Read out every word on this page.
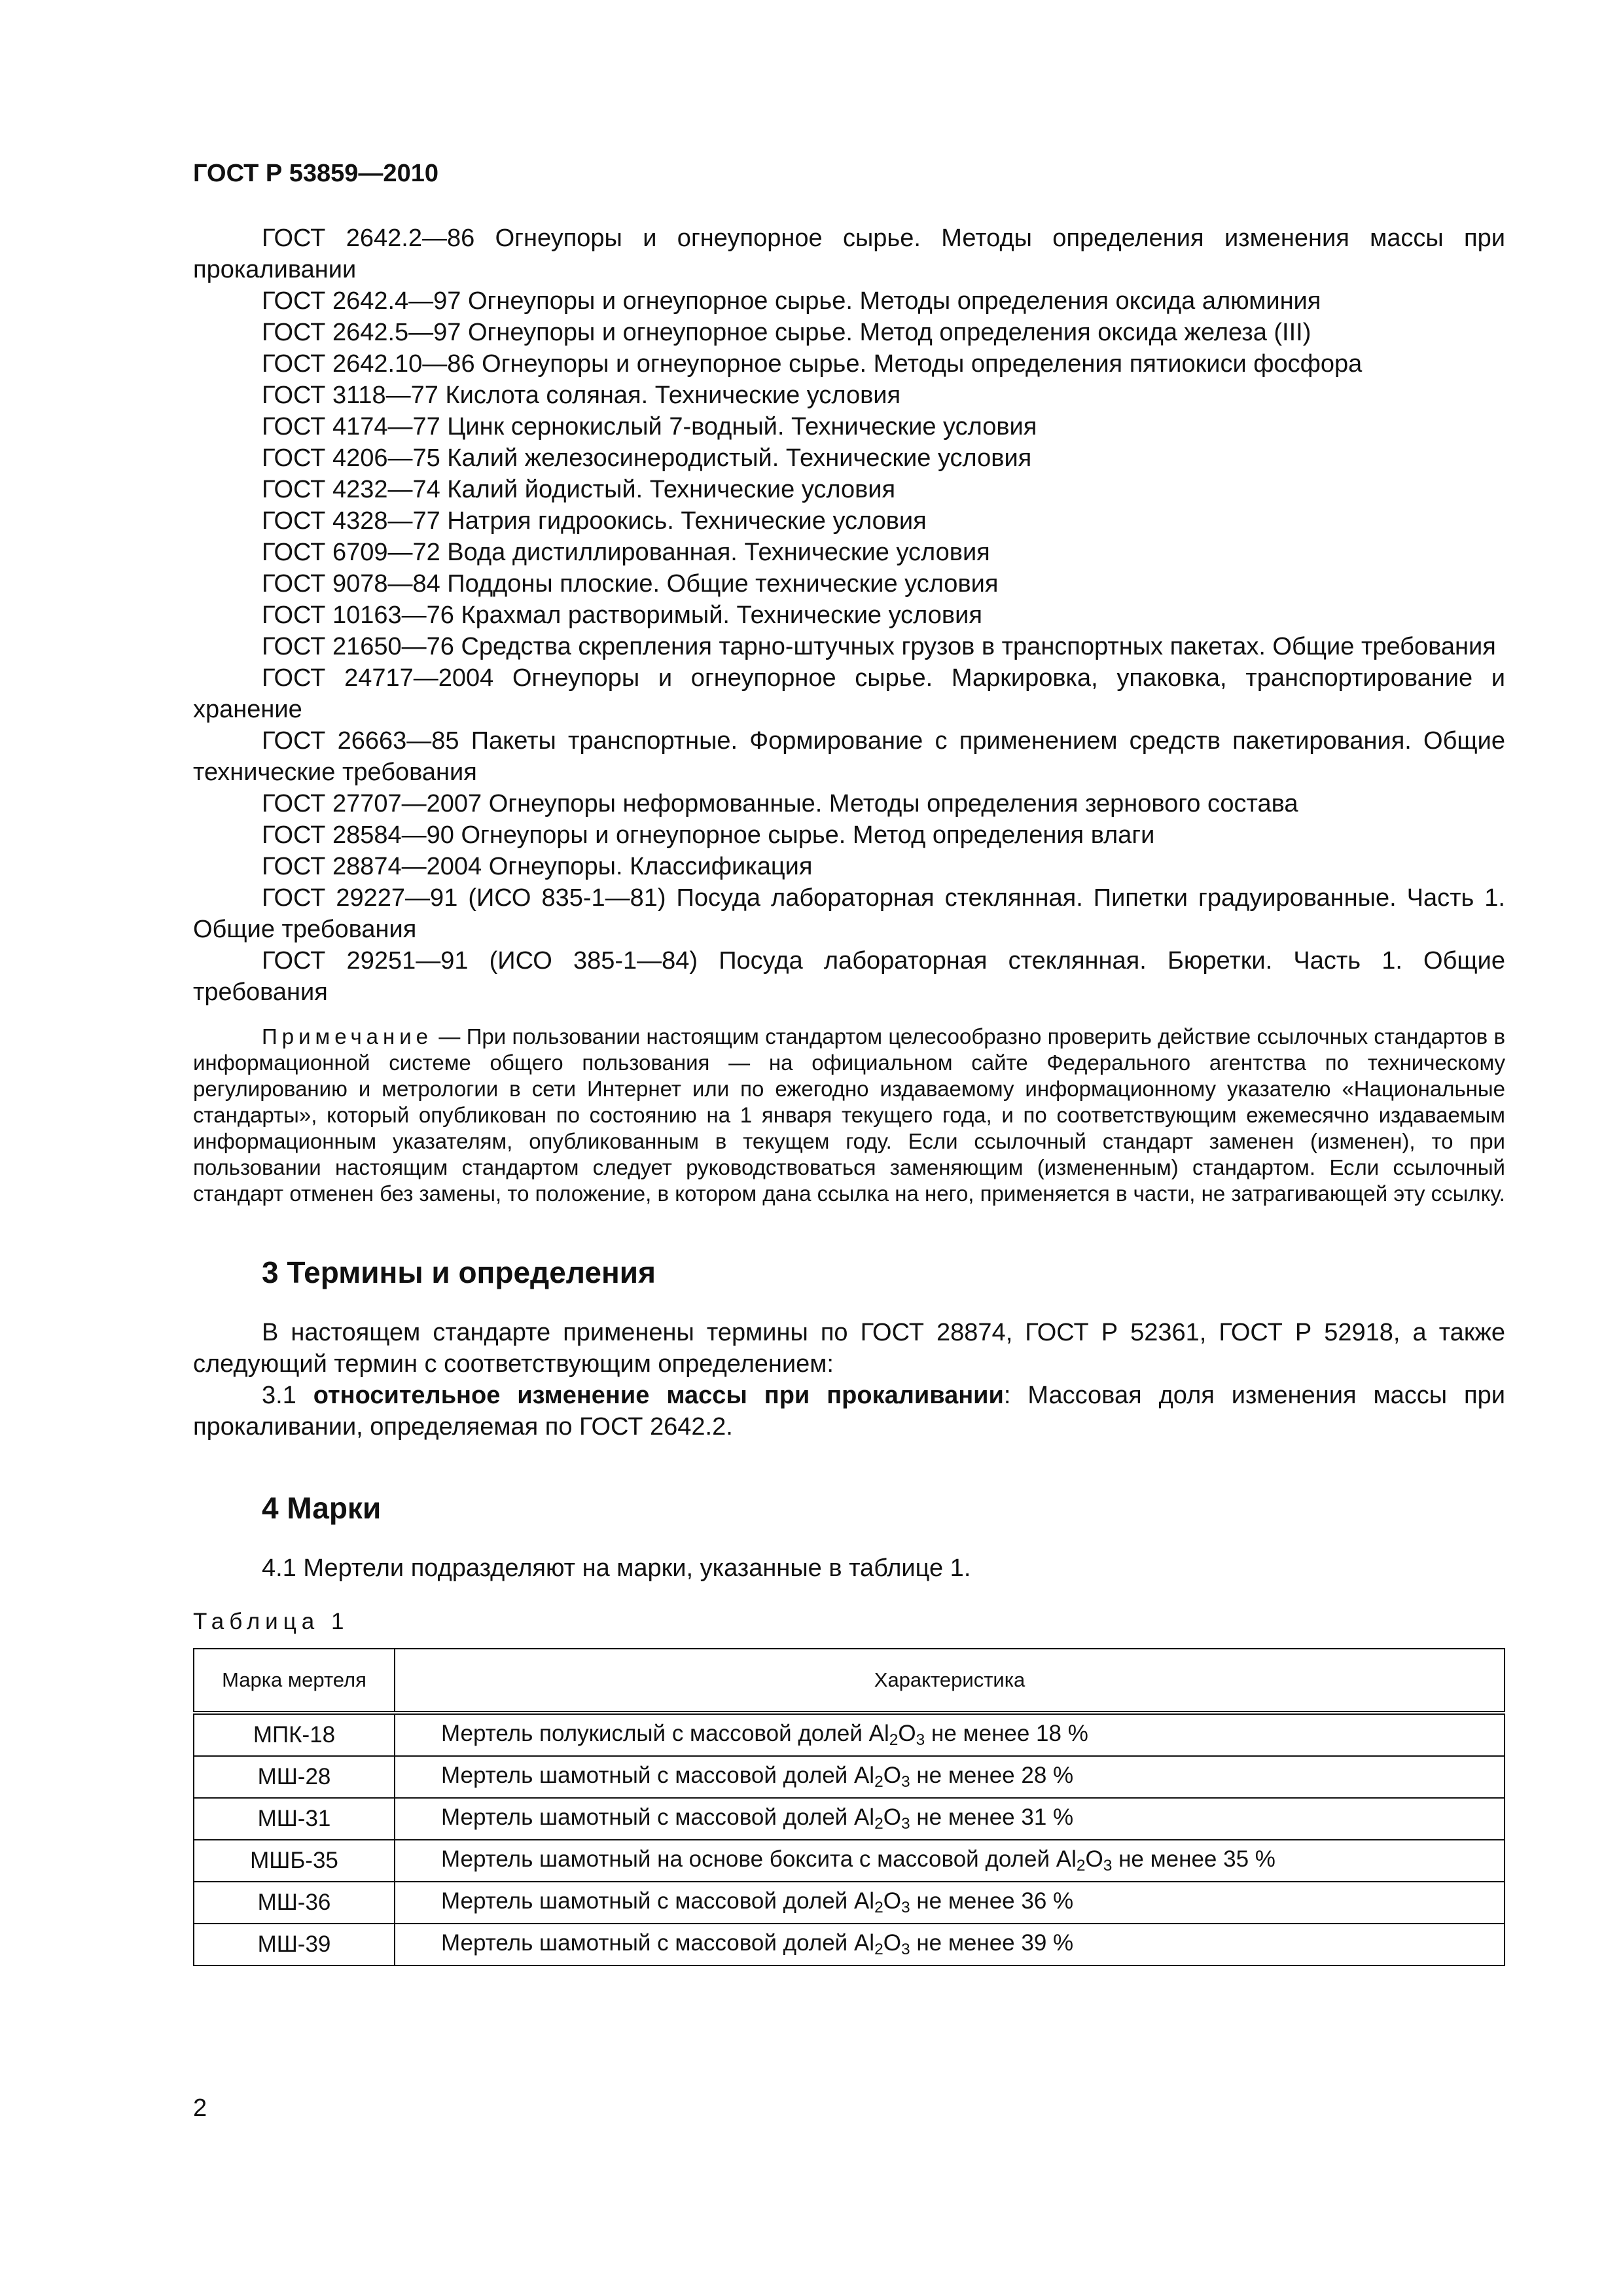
ГОСТ Р 53859—2010

ГОСТ 2642.2—86 Огнеупоры и огнеупорное сырье. Методы определения изменения массы при прокаливании

ГОСТ 2642.4—97 Огнеупоры и огнеупорное сырье. Методы определения оксида алюминия

ГОСТ 2642.5—97 Огнеупоры и огнеупорное сырье. Метод определения оксида железа (III)

ГОСТ 2642.10—86 Огнеупоры и огнеупорное сырье. Методы определения пятиокиси фосфора

ГОСТ 3118—77 Кислота соляная. Технические условия

ГОСТ 4174—77 Цинк сернокислый 7-водный. Технические условия

ГОСТ 4206—75 Калий железосинеродистый. Технические условия

ГОСТ 4232—74 Калий йодистый. Технические условия

ГОСТ 4328—77 Натрия гидроокись. Технические условия

ГОСТ 6709—72 Вода дистиллированная. Технические условия

ГОСТ 9078—84 Поддоны плоские. Общие технические условия

ГОСТ 10163—76 Крахмал растворимый. Технические условия

ГОСТ 21650—76 Средства скрепления тарно-штучных грузов в транспортных пакетах. Общие требования

ГОСТ 24717—2004 Огнеупоры и огнеупорное сырье. Маркировка, упаковка, транспортирование и хранение

ГОСТ 26663—85 Пакеты транспортные. Формирование с применением средств пакетирования. Общие технические требования

ГОСТ 27707—2007 Огнеупоры неформованные. Методы определения зернового состава

ГОСТ 28584—90 Огнеупоры и огнеупорное сырье. Метод определения влаги

ГОСТ 28874—2004 Огнеупоры. Классификация

ГОСТ 29227—91 (ИСО 835-1—81) Посуда лабораторная стеклянная. Пипетки градуированные. Часть 1. Общие требования

ГОСТ 29251—91 (ИСО 385-1—84) Посуда лабораторная стеклянная. Бюретки. Часть 1. Общие требования

Примечание — При пользовании настоящим стандартом целесообразно проверить действие ссылочных стандартов в информационной системе общего пользования — на официальном сайте Федерального агентства по техническому регулированию и метрологии в сети Интернет или по ежегодно издаваемому информационному указателю «Национальные стандарты», который опубликован по состоянию на 1 января текущего года, и по соответствующим ежемесячно издаваемым информационным указателям, опубликованным в текущем году. Если ссылочный стандарт заменен (изменен), то при пользовании настоящим стандартом следует руководствоваться заменяющим (измененным) стандартом. Если ссылочный стандарт отменен без замены, то положение, в котором дана ссылка на него, применяется в части, не затрагивающей эту ссылку.

3 Термины и определения

В настоящем стандарте применены термины по ГОСТ 28874, ГОСТ Р 52361, ГОСТ Р 52918, а также следующий термин с соответствующим определением:

3.1 относительное изменение массы при прокаливании: Массовая доля изменения массы при прокаливании, определяемая по ГОСТ 2642.2.

4 Марки

4.1 Мертели подразделяют на марки, указанные в таблице 1.

Таблица 1
Марка мертеля	Характеристика
МПК-18	Мертель полукислый с массовой долей $Al_2O_3$ не менее 18 %
МШ-28	Мертель шамотный с массовой долей $Al_2O_3$ не менее 28 %
МШ-31	Мертель шамотный с массовой долей $Al_2O_3$ не менее 31 %
МШБ-35	Мертель шамотный на основе боксита с массовой долей $Al_2O_3$ не менее 35 %
МШ-36	Мертель шамотный с массовой долей $Al_2O_3$ не менее 36 %
МШ-39	Мертель шамотный с массовой долей $Al_2O_3$ не менее 39 %
2
